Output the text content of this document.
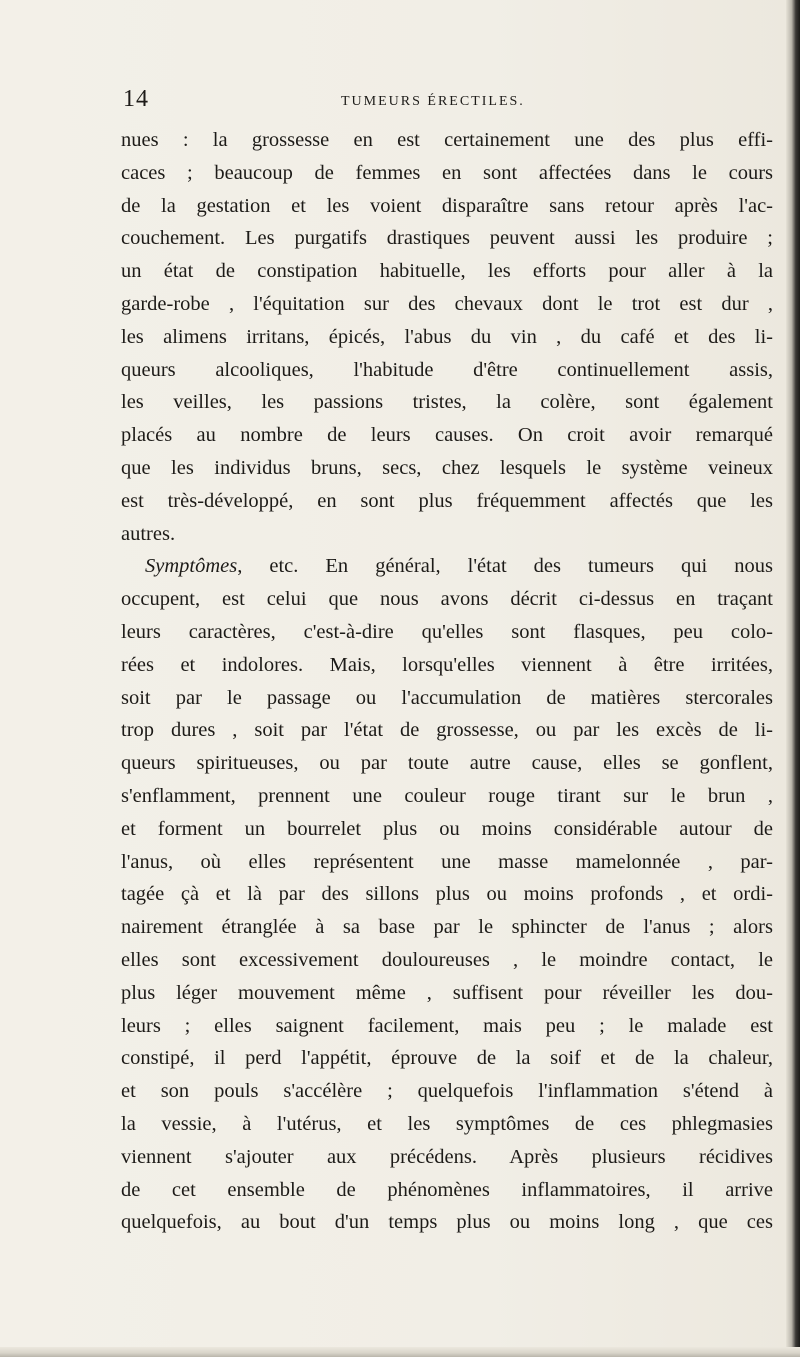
14	TUMEURS ÉRECTILES.
nues : la grossesse en est certainement une des plus effi-
caces ; beaucoup de femmes en sont affectées dans le cours
de la gestation et les voient disparaître sans retour après l'ac-
couchement. Les purgatifs drastiques peuvent aussi les produire ;
un état de constipation habituelle, les efforts pour aller à la
garde-robe , l'équitation sur des chevaux dont le trot est dur ,
les alimens irritans, épicés, l'abus du vin , du café et des li-
queurs alcooliques, l'habitude d'être continuellement assis,
les veilles, les passions tristes, la colère, sont également
placés au nombre de leurs causes. On croit avoir remarqué
que les individus bruns, secs, chez lesquels le système veineux
est très-développé, en sont plus fréquemment affectés que les
autres.
Symptômes, etc. En général, l'état des tumeurs qui nous
occupent, est celui que nous avons décrit ci-dessus en traçant
leurs caractères, c'est-à-dire qu'elles sont flasques, peu colo-
rées et indolores. Mais, lorsqu'elles viennent à être irritées,
soit par le passage ou l'accumulation de matières stercorales
trop dures , soit par l'état de grossesse, ou par les excès de li-
queurs spiritueuses, ou par toute autre cause, elles se gonflent,
s'enflamment, prennent une couleur rouge tirant sur le brun ,
et forment un bourrelet plus ou moins considérable autour de
l'anus, où elles représentent une masse mamelonnée , par-
tagée çà et là par des sillons plus ou moins profonds , et ordi-
nairement étranglée à sa base par le sphincter de l'anus ; alors
elles sont excessivement douloureuses , le moindre contact, le
plus léger mouvement même , suffisent pour réveiller les dou-
leurs ; elles saignent facilement, mais peu ; le malade est
constipé, il perd l'appétit, éprouve de la soif et de la chaleur,
et son pouls s'accélère ; quelquefois l'inflammation s'étend à
la vessie, à l'utérus, et les symptômes de ces phlegmasies
viennent s'ajouter aux précédens. Après plusieurs récidives
de cet ensemble de phénomènes inflammatoires, il arrive
quelquefois, au bout d'un temps plus ou moins long , que ces
